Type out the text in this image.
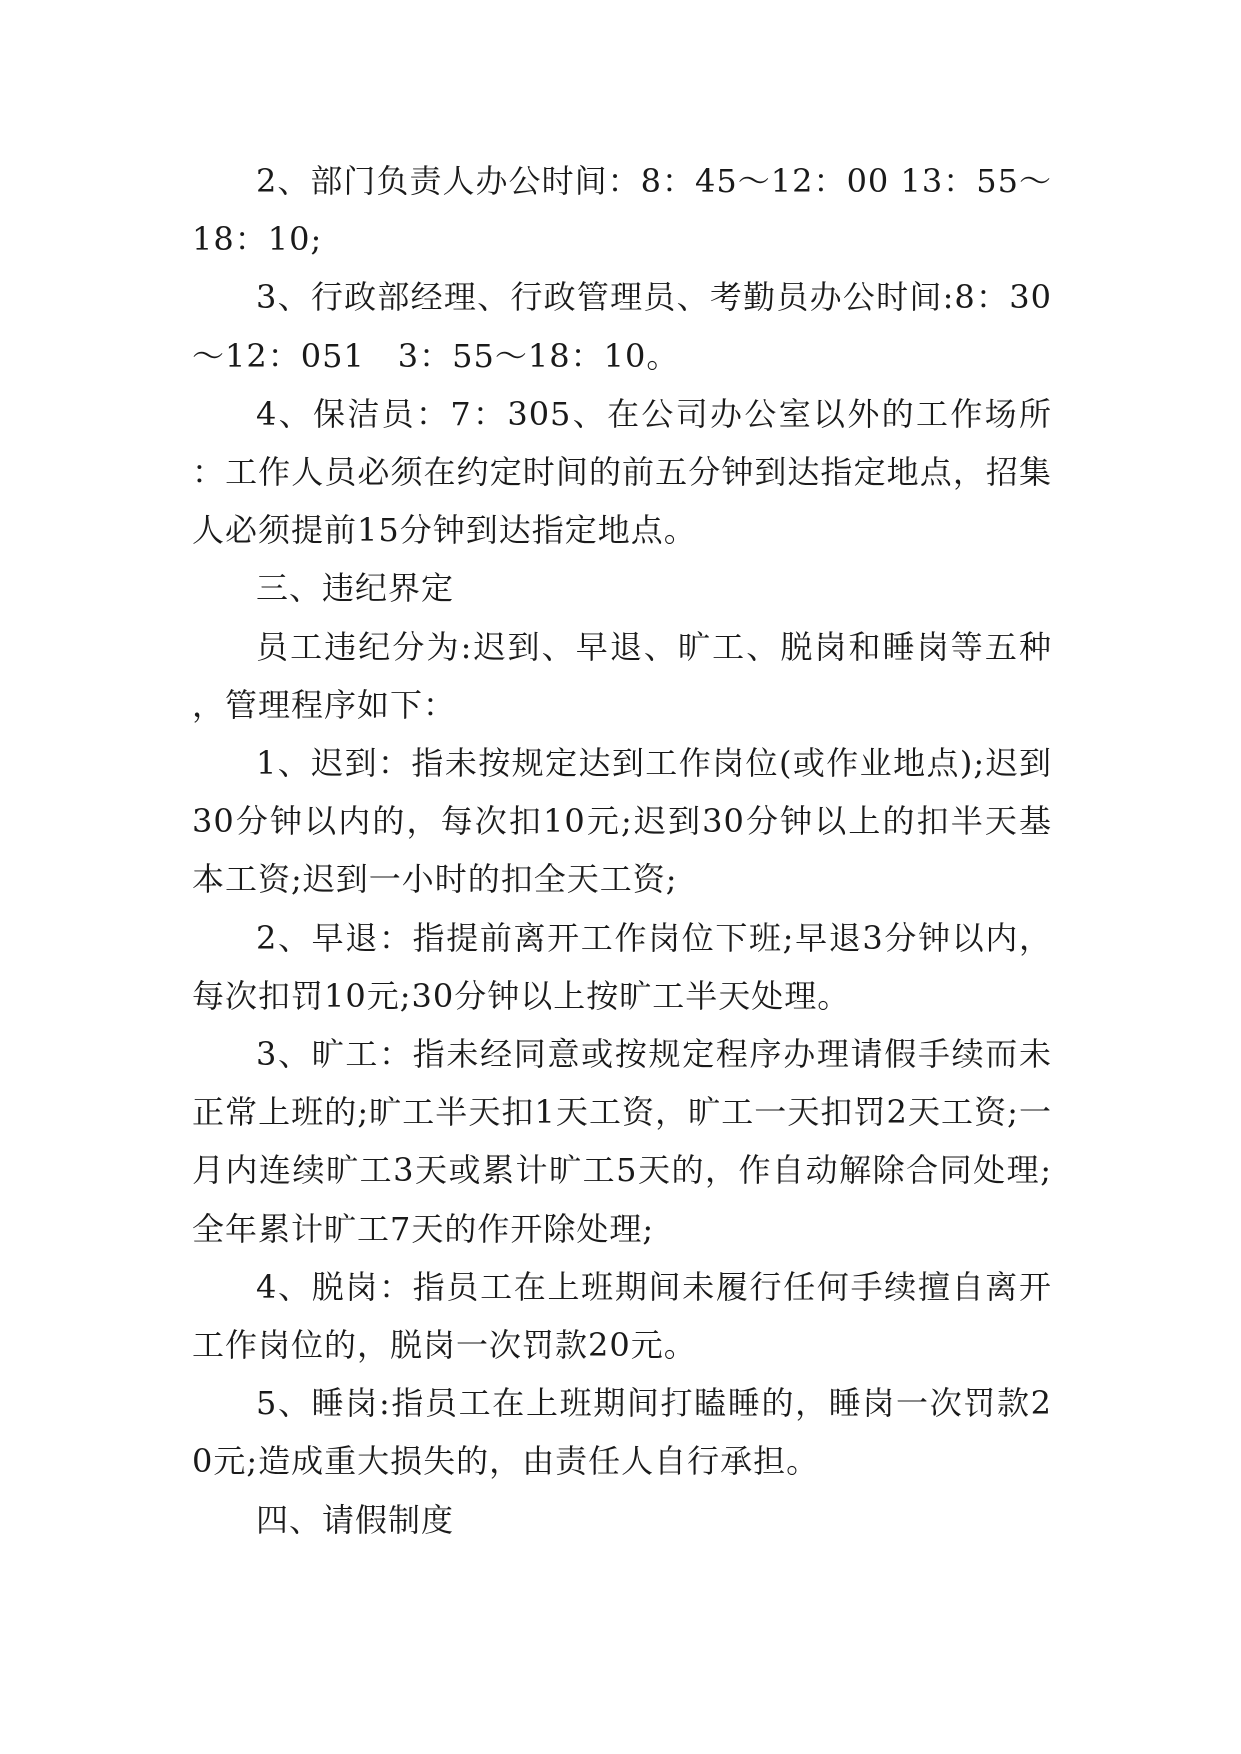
2、部门负责人办公时间：8：45～12：00 13：55～18：10;

3、行政部经理、行政管理员、考勤员办公时间:8：30～12：051　3：55～18：10。

4、保洁员：7：305、在公司办公室以外的工作场所：工作人员必须在约定时间的前五分钟到达指定地点，招集人必须提前15分钟到达指定地点。

三、违纪界定

员工违纪分为:迟到、早退、旷工、脱岗和睡岗等五种，管理程序如下：

1、迟到：指未按规定达到工作岗位(或作业地点);迟到30分钟以内的，每次扣10元;迟到30分钟以上的扣半天基本工资;迟到一小时的扣全天工资;

2、早退：指提前离开工作岗位下班;早退3分钟以内，每次扣罚10元;30分钟以上按旷工半天处理。

3、旷工：指未经同意或按规定程序办理请假手续而未正常上班的;旷工半天扣1天工资，旷工一天扣罚2天工资;一月内连续旷工3天或累计旷工5天的，作自动解除合同处理;全年累计旷工7天的作开除处理;

4、脱岗：指员工在上班期间未履行任何手续擅自离开工作岗位的，脱岗一次罚款20元。

5、睡岗:指员工在上班期间打瞌睡的，睡岗一次罚款20元;造成重大损失的，由责任人自行承担。

四、请假制度
